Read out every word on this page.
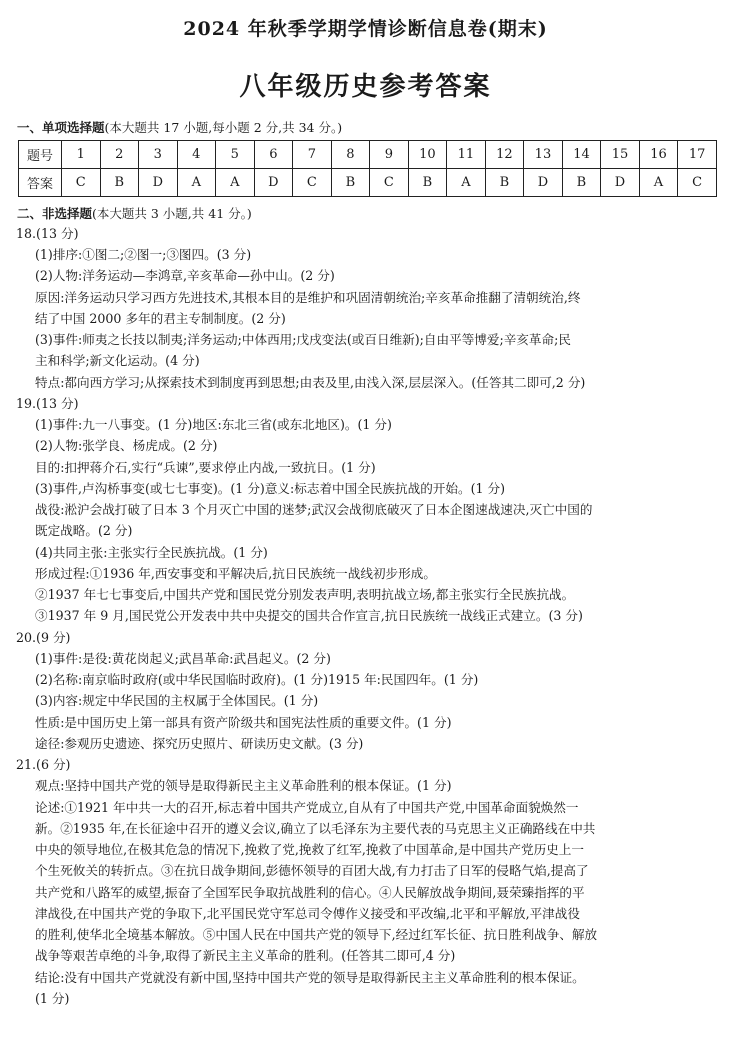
2024 年秋季学期学情诊断信息卷(期末)
八年级历史参考答案
一、单项选择题(本大题共 17 小题,每小题 2 分,共 34 分。)
题号	1	2	3	4	5	6	7	8	9	10	11	12	13	14	15	16	17
答案	C	B	D	A	A	D	C	B	C	B	A	B	D	B	D	A	C
二、非选择题(本大题共 3 小题,共 41 分。)
18.(13 分)
(1)排序:①图二;②图一;③图四。(3 分)
(2)人物:洋务运动—李鸿章,辛亥革命—孙中山。(2 分)
原因:洋务运动只学习西方先进技术,其根本目的是维护和巩固清朝统治;辛亥革命推翻了清朝统治,终
结了中国 2000 多年的君主专制制度。(2 分)
(3)事件:师夷之长技以制夷;洋务运动;中体西用;戊戌变法(或百日维新);自由平等博爱;辛亥革命;民
主和科学;新文化运动。(4 分)
特点:都向西方学习;从探索技术到制度再到思想;由表及里,由浅入深,层层深入。(任答其二即可,2 分)
19.(13 分)
(1)事件:九一八事变。(1 分)地区:东北三省(或东北地区)。(1 分)
(2)人物:张学良、杨虎成。(2 分)
目的:扣押蒋介石,实行“兵谏”,要求停止内战,一致抗日。(1 分)
(3)事件,卢沟桥事变(或七七事变)。(1 分)意义:标志着中国全民族抗战的开始。(1 分)
战役:淞沪会战打破了日本 3 个月灭亡中国的迷梦;武汉会战彻底破灭了日本企图速战速决,灭亡中国的
既定战略。(2 分)
(4)共同主张:主张实行全民族抗战。(1 分)
形成过程:①1936 年,西安事变和平解决后,抗日民族统一战线初步形成。
②1937 年七七事变后,中国共产党和国民党分别发表声明,表明抗战立场,都主张实行全民族抗战。
③1937 年 9 月,国民党公开发表中共中央提交的国共合作宣言,抗日民族统一战线正式建立。(3 分)
20.(9 分)
(1)事件:是役:黄花岗起义;武昌革命:武昌起义。(2 分)
(2)名称:南京临时政府(或中华民国临时政府)。(1 分)1915 年:民国四年。(1 分)
(3)内容:规定中华民国的主权属于全体国民。(1 分)
性质:是中国历史上第一部具有资产阶级共和国宪法性质的重要文件。(1 分)
途径:参观历史遗迹、探究历史照片、研读历史文献。(3 分)
21.(6 分)
观点:坚持中国共产党的领导是取得新民主主义革命胜利的根本保证。(1 分)
论述:①1921 年中共一大的召开,标志着中国共产党成立,自从有了中国共产党,中国革命面貌焕然一
新。②1935 年,在长征途中召开的遵义会议,确立了以毛泽东为主要代表的马克思主义正确路线在中共
中央的领导地位,在极其危急的情况下,挽救了党,挽救了红军,挽救了中国革命,是中国共产党历史上一
个生死攸关的转折点。③在抗日战争期间,彭德怀领导的百团大战,有力打击了日军的侵略气焰,提高了
共产党和八路军的威望,振奋了全国军民争取抗战胜利的信心。④人民解放战争期间,聂荣臻指挥的平
津战役,在中国共产党的争取下,北平国民党守军总司令傅作义接受和平改编,北平和平解放,平津战役
的胜利,使华北全境基本解放。⑤中国人民在中国共产党的领导下,经过红军长征、抗日胜利战争、解放
战争等艰苦卓绝的斗争,取得了新民主主义革命的胜利。(任答其二即可,4 分)
结论:没有中国共产党就没有新中国,坚持中国共产党的领导是取得新民主主义革命胜利的根本保证。
(1 分)
